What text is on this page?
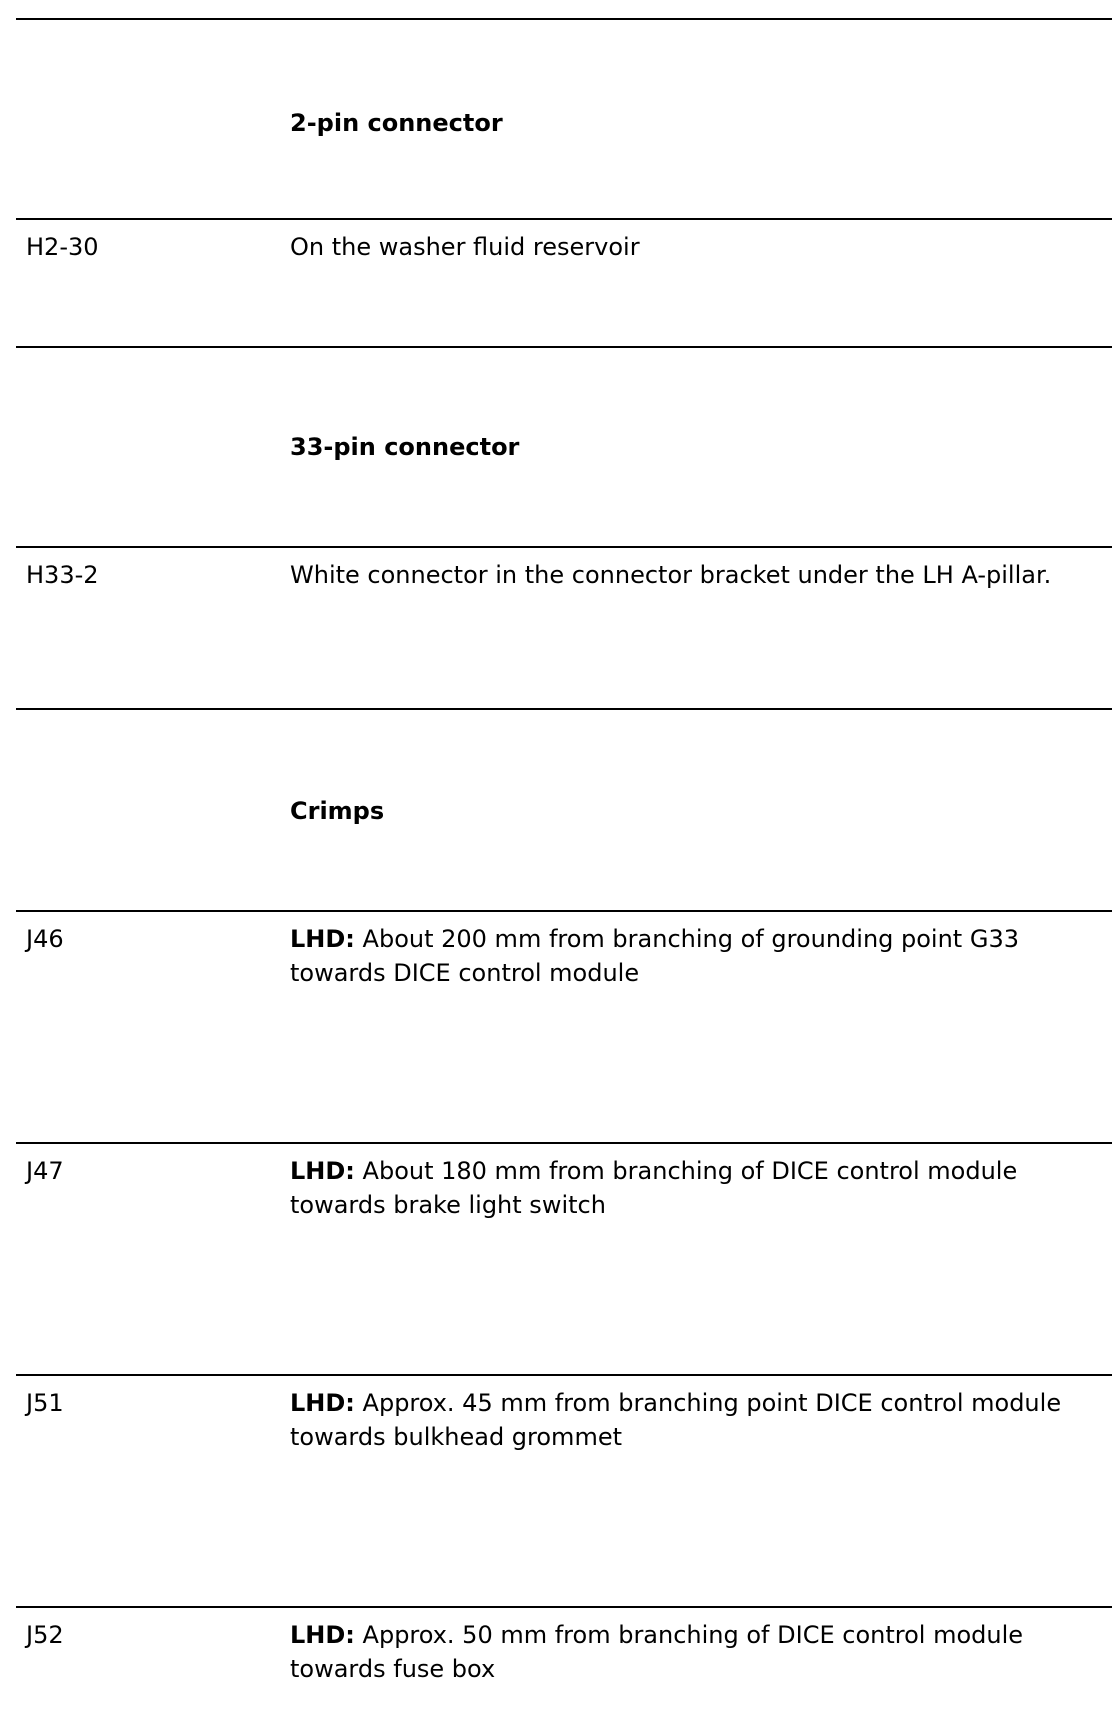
2-pin connector
H2-30	On the washer fluid reservoir
33-pin connector
H33-2	White connector in the connector bracket under the LH A-pillar.
Crimps
J46	LHD: About 200 mm from branching of grounding point G33 towards DICE control module
J47	LHD: About 180 mm from branching of DICE control module towards brake light switch
J51	LHD: Approx. 45 mm from branching point DICE control module towards bulkhead grommet
J52	LHD: Approx. 50 mm from branching of DICE control module towards fuse box
